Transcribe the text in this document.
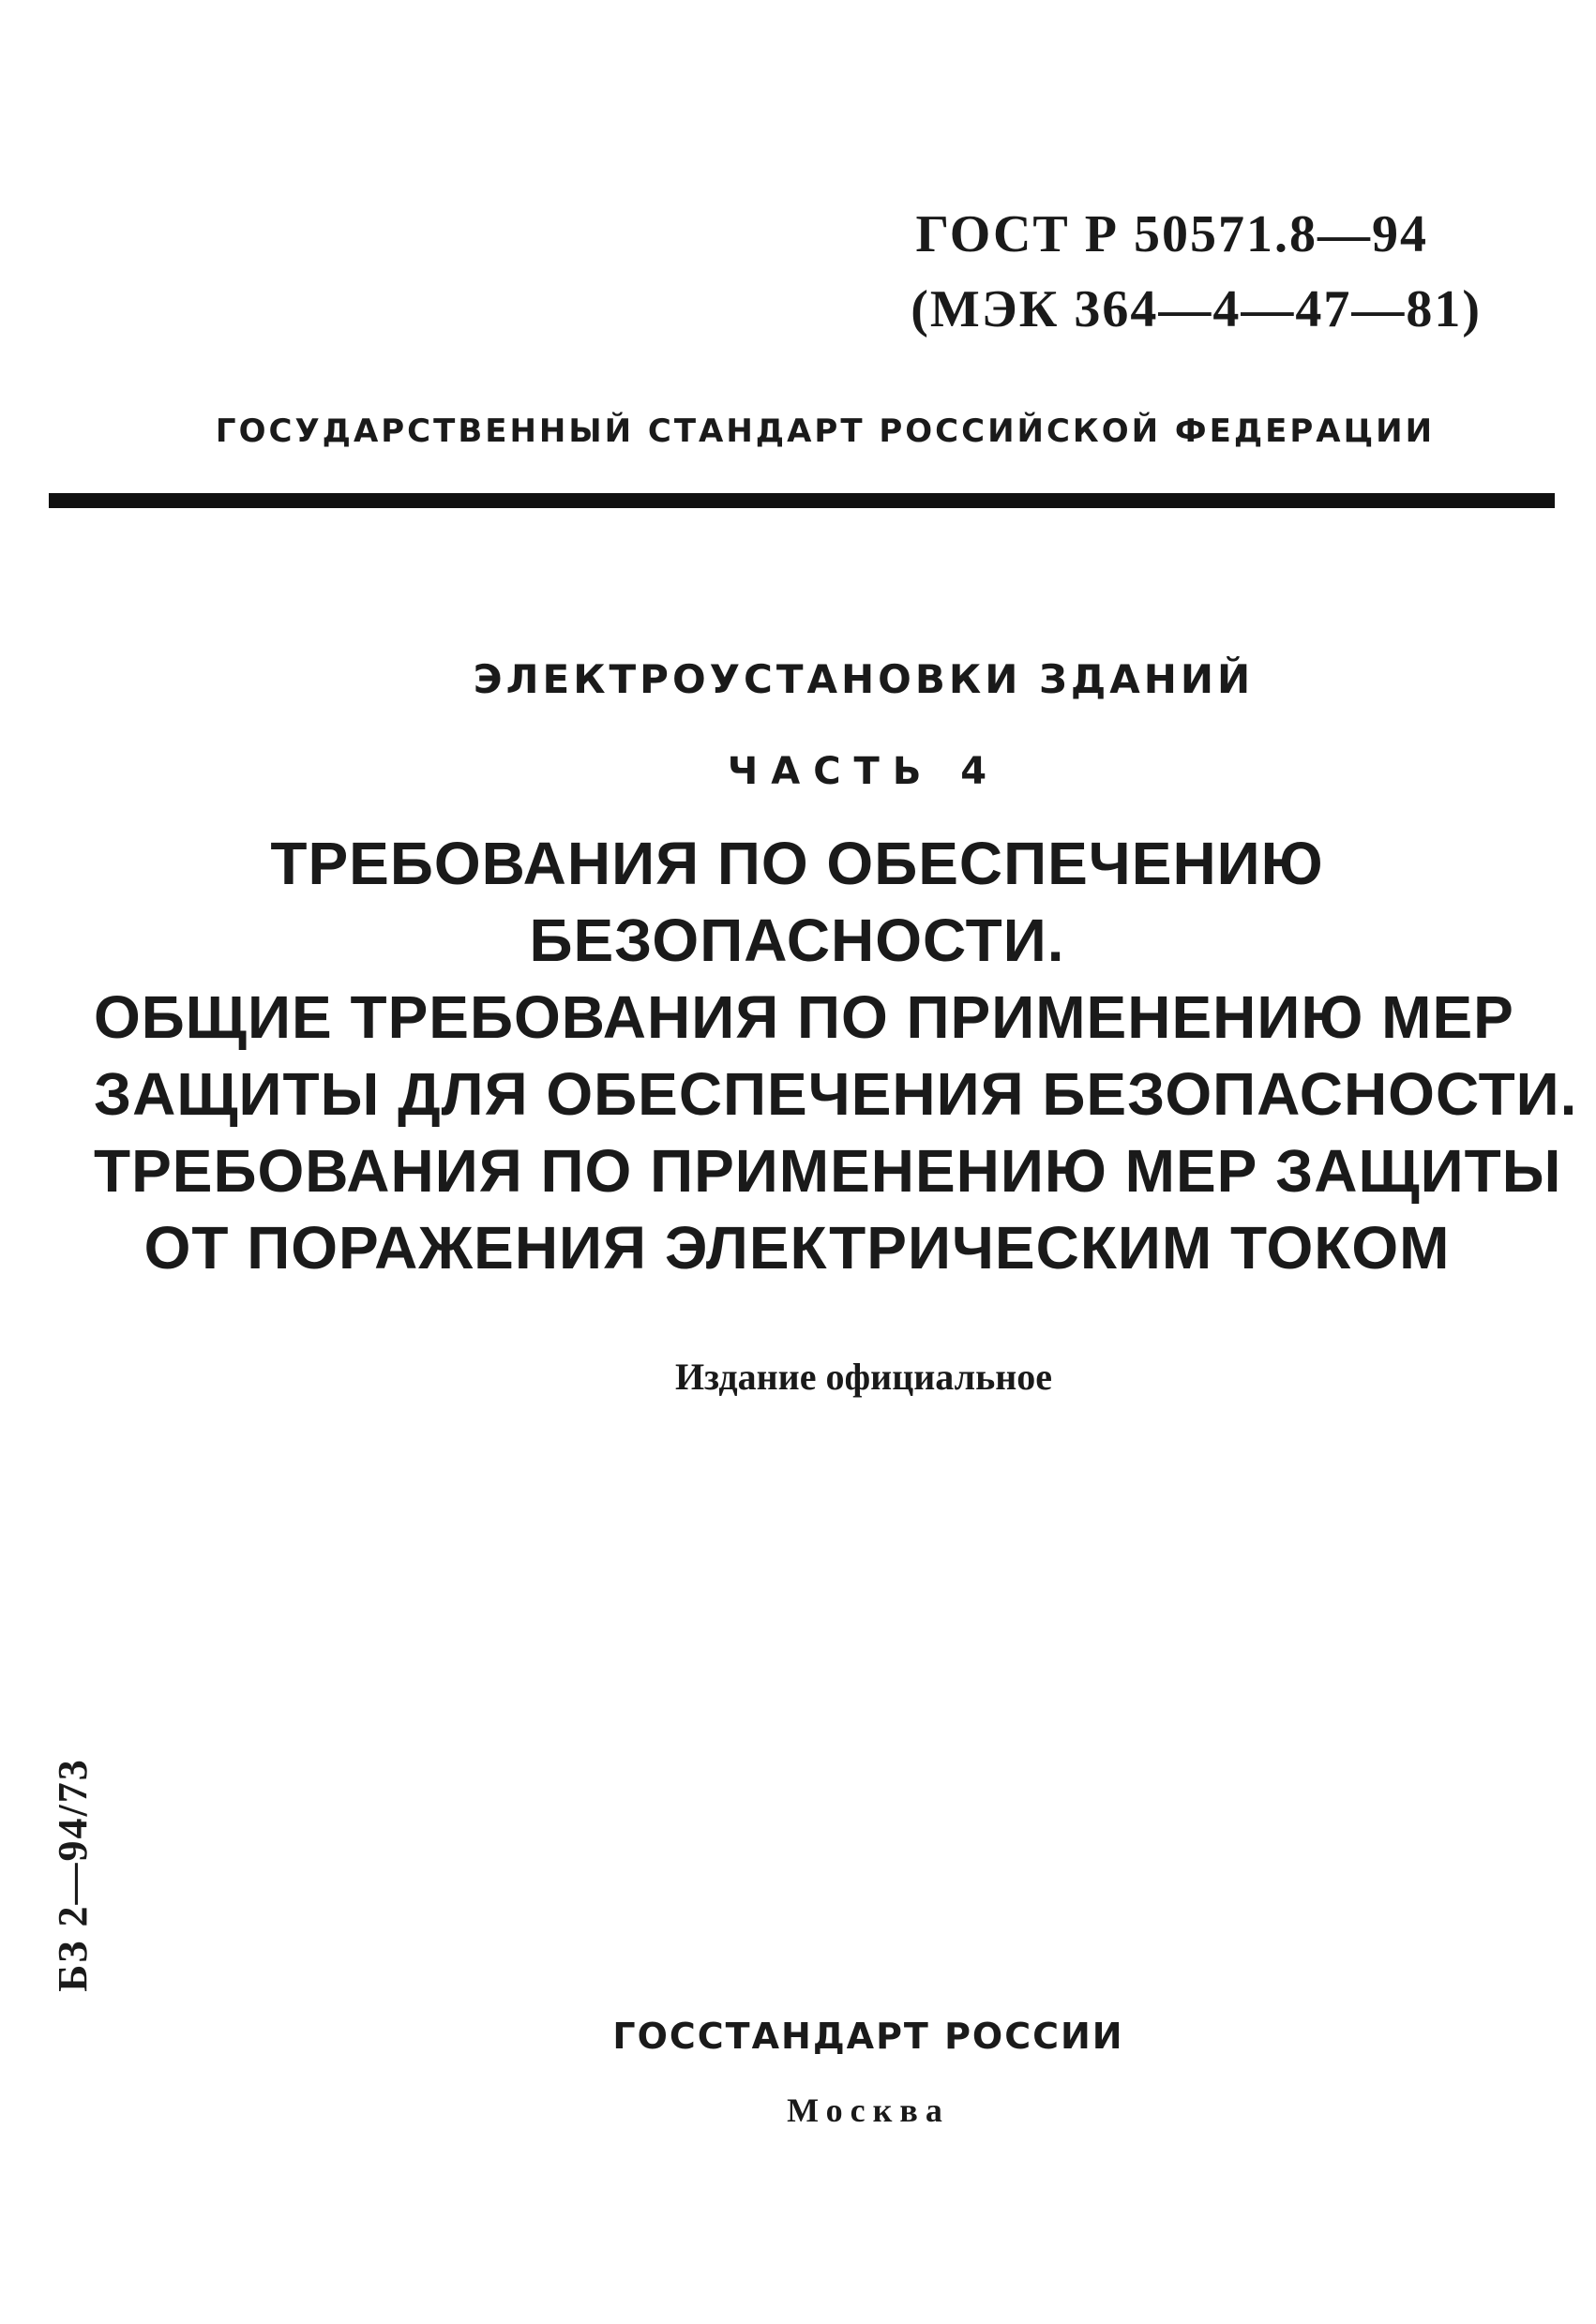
ГОСТ Р 50571.8—94
(МЭК 364—4—47—81)
ГОСУДАРСТВЕННЫЙ СТАНДАРТ РОССИЙСКОЙ ФЕДЕРАЦИИ
ЭЛЕКТРОУСТАНОВКИ ЗДАНИЙ
ЧАСТЬ 4
ТРЕБОВАНИЯ ПО ОБЕСПЕЧЕНИЮ
БЕЗОПАСНОСТИ.
ОБЩИЕ ТРЕБОВАНИЯ ПО ПРИМЕНЕНИЮ МЕР
ЗАЩИТЫ ДЛЯ ОБЕСПЕЧЕНИЯ БЕЗОПАСНОСТИ.
ТРЕБОВАНИЯ ПО ПРИМЕНЕНИЮ МЕР ЗАЩИТЫ
ОТ ПОРАЖЕНИЯ ЭЛЕКТРИЧЕСКИМ ТОКОМ
Издание официальное
БЗ 2—94/73
ГОССТАНДАРТ РОССИИ
Москва
